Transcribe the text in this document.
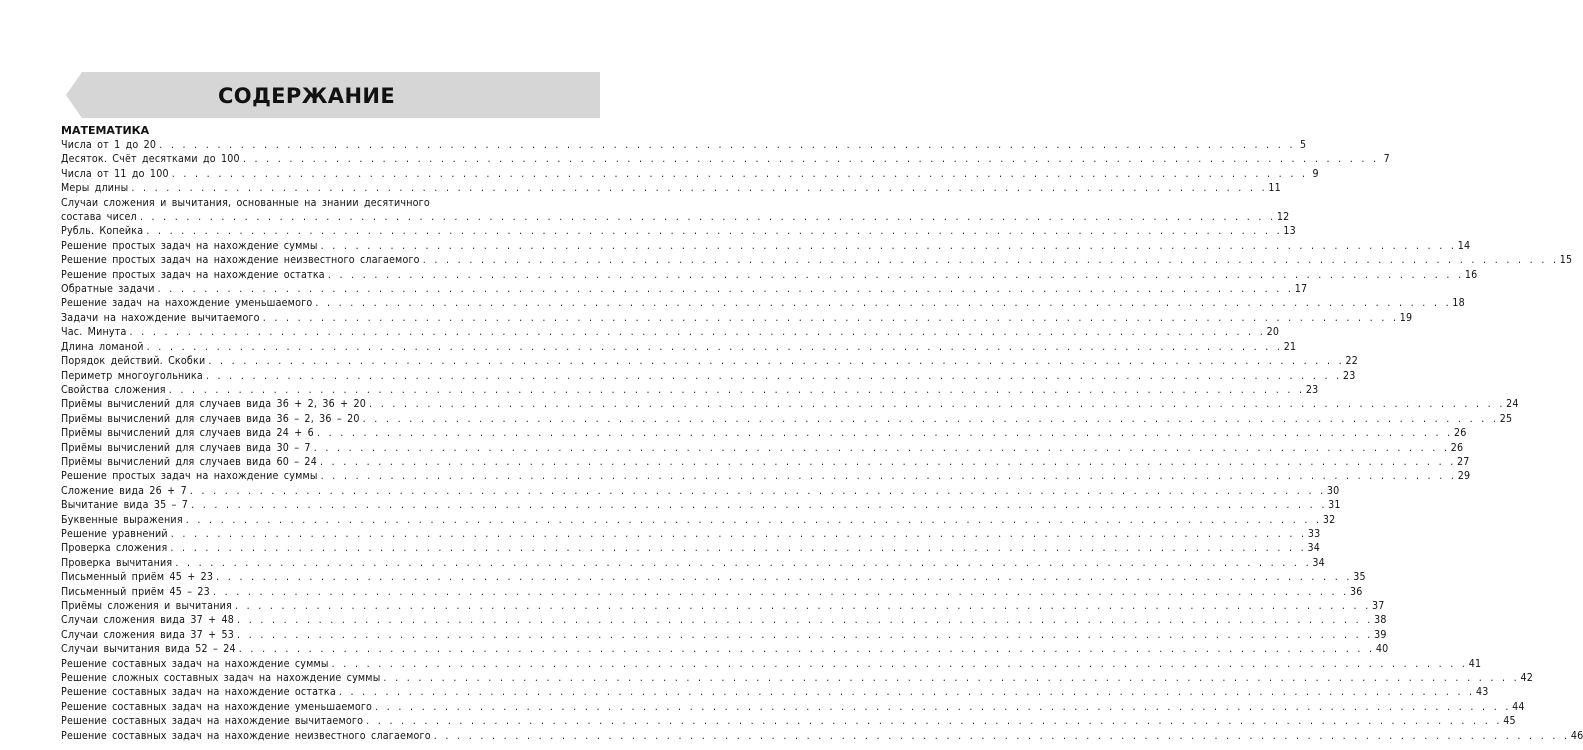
СОДЕРЖАНИЕ
МАТЕМАТИКА
Числа от 1 до 20 . . .	5
Десяток. Счёт десятками до 100 . . .	7
Числа от 11 до 100 . . .	9
Меры длины . . .	11
Случаи сложения и вычитания, основанные на знании десятичного
состава чисел . . .	12
Рубль. Копейка . . .	13
Решение простых задач на нахождение суммы . . .	14
Решение простых задач на нахождение неизвестного слагаемого . . .	15
Решение простых задач на нахождение остатка . . .	16
Обратные задачи . . .	17
Решение задач на нахождение уменьшаемого . . .	18
Задачи на нахождение вычитаемого . . .	19
Час. Минута . . .	20
Длина ломаной . . .	21
Порядок действий. Скобки . . .	22
Периметр многоугольника . . .	23
Свойства сложения . . .	23
Приёмы вычислений для случаев вида 36 + 2, 36 + 20 . . .	24
Приёмы вычислений для случаев вида 36 – 2, 36 – 20 . . .	25
Приёмы вычислений для случаев вида 24 + 6 . . .	26
Приёмы вычислений для случаев вида 30 – 7 . . .	26
Приёмы вычислений для случаев вида 60 – 24 . . .	27
Решение простых задач на нахождение суммы . . .	29
Сложение вида 26 + 7 . . .	30
Вычитание вида 35 – 7 . . .	31
Буквенные выражения . . .	32
Решение уравнений . . .	33
Проверка сложения . . .	34
Проверка вычитания . . .	34
Письменный приём 45 + 23 . . .	35
Письменный приём 45 – 23 . . .	36
Приёмы сложения и вычитания . . .	37
Случаи сложения вида 37 + 48 . . .	38
Случаи сложения вида 37 + 53 . . .	39
Случаи вычитания вида 52 – 24 . . .	40
Решение составных задач на нахождение суммы . . .	41
Решение сложных составных задач на нахождение суммы . . .	42
Решение составных задач на нахождение остатка . . .	43
Решение составных задач на нахождение уменьшаемого . . .	44
Решение составных задач на нахождение вычитаемого . . .	45
Решение составных задач на нахождение неизвестного слагаемого . . .	46
